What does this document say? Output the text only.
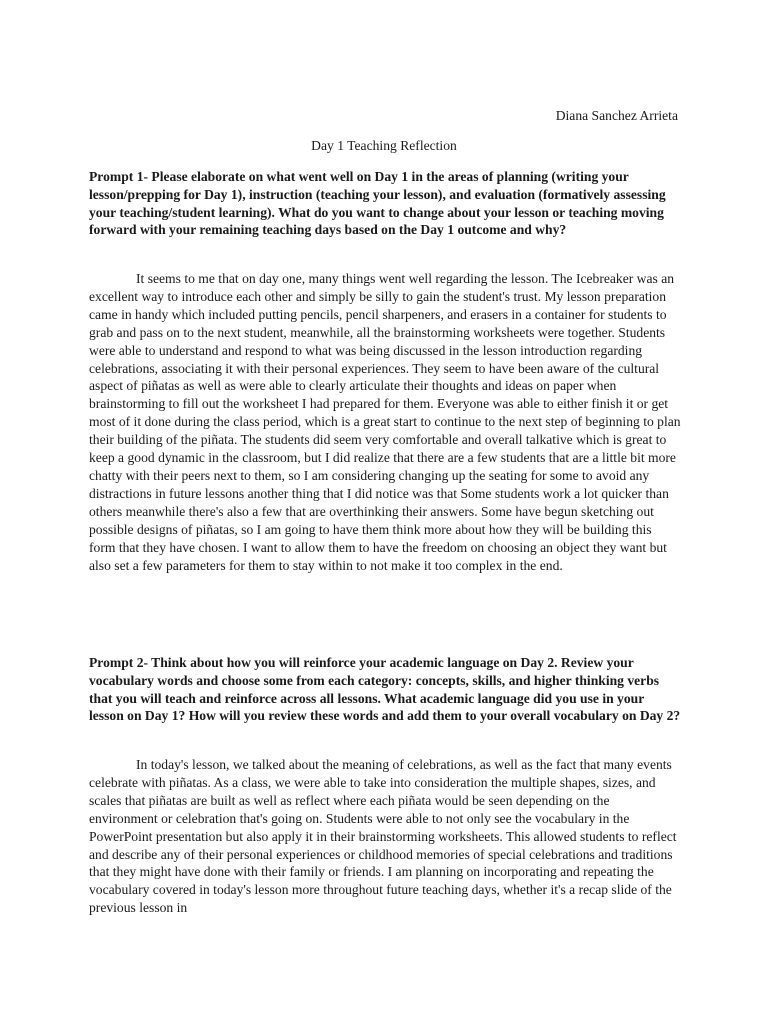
Diana Sanchez Arrieta

Day 1 Teaching Reflection

Prompt 1- Please elaborate on what went well on Day 1 in the areas of planning (writing your lesson/prepping for Day 1), instruction (teaching your lesson), and evaluation (formatively assessing your teaching/student learning). What do you want to change about your lesson or teaching moving forward with your remaining teaching days based on the Day 1 outcome and why?

It seems to me that on day one, many things went well regarding the lesson. The Icebreaker was an excellent way to introduce each other and simply be silly to gain the student's trust. My lesson preparation came in handy which included putting pencils, pencil sharpeners, and erasers in a container for students to grab and pass on to the next student, meanwhile, all the brainstorming worksheets were together. Students were able to understand and respond to what was being discussed in the lesson introduction regarding celebrations, associating it with their personal experiences. They seem to have been aware of the cultural aspect of piñatas as well as were able to clearly articulate their thoughts and ideas on paper when brainstorming to fill out the worksheet I had prepared for them. Everyone was able to either finish it or get most of it done during the class period, which is a great start to continue to the next step of beginning to plan their building of the piñata. The students did seem very comfortable and overall talkative which is great to keep a good dynamic in the classroom, but I did realize that there are a few students that are a little bit more chatty with their peers next to them, so I am considering changing up the seating for some to avoid any distractions in future lessons another thing that I did notice was that Some students work a lot quicker than others meanwhile there's also a few that are overthinking their answers. Some have begun sketching out possible designs of piñatas, so I am going to have them think more about how they will be building this form that they have chosen. I want to allow them to have the freedom on choosing an object they want but also set a few parameters for them to stay within to not make it too complex in the end.

Prompt 2- Think about how you will reinforce your academic language on Day 2. Review your vocabulary words and choose some from each category: concepts, skills, and higher thinking verbs that you will teach and reinforce across all lessons. What academic language did you use in your lesson on Day 1? How will you review these words and add them to your overall vocabulary on Day 2?

In today's lesson, we talked about the meaning of celebrations, as well as the fact that many events celebrate with piñatas. As a class, we were able to take into consideration the multiple shapes, sizes, and scales that piñatas are built as well as reflect where each piñata would be seen depending on the environment or celebration that's going on. Students were able to not only see the vocabulary in the PowerPoint presentation but also apply it in their brainstorming worksheets. This allowed students to reflect and describe any of their personal experiences or childhood memories of special celebrations and traditions that they might have done with their family or friends. I am planning on incorporating and repeating the vocabulary covered in today's lesson more throughout future teaching days, whether it's a recap slide of the previous lesson in
